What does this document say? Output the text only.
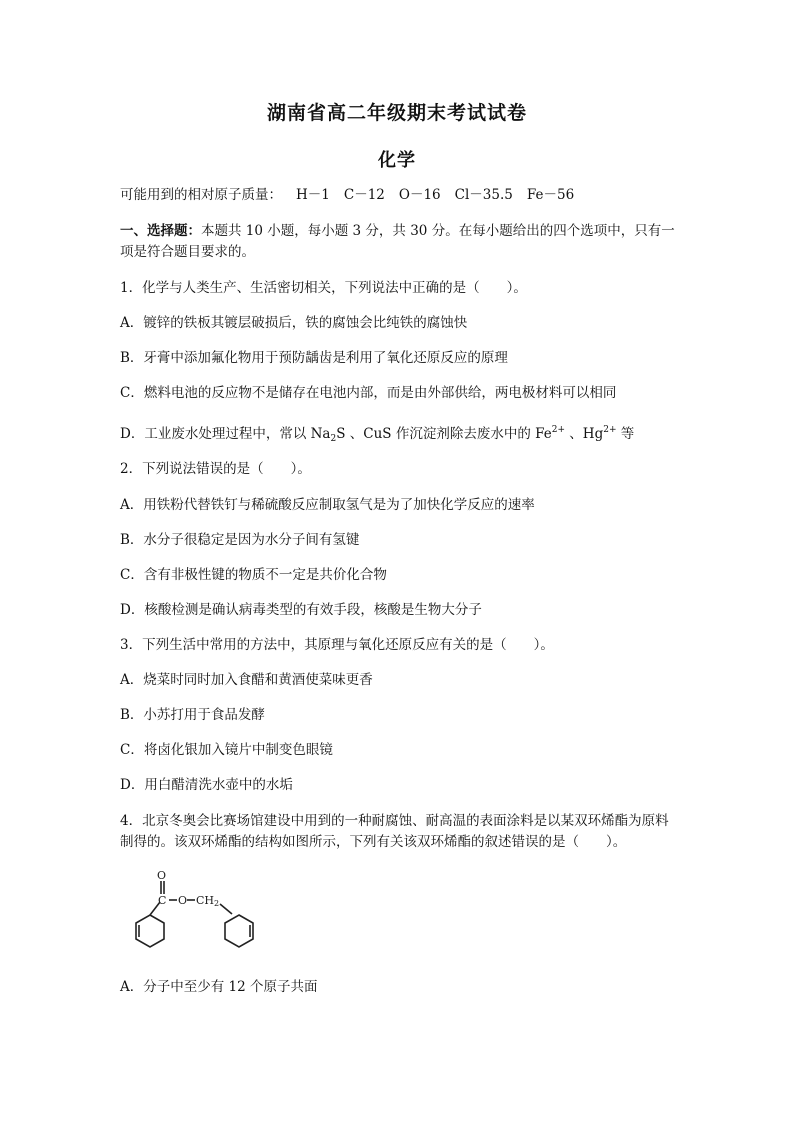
湖南省高二年级期末考试试卷
化学
可能用到的相对原子质量： H－1 C－12 O－16 Cl－35.5 Fe－56
一、选择题：本题共 10 小题，每小题 3 分，共 30 分。在每小题给出的四个选项中，只有一项是符合题目要求的。
1．化学与人类生产、生活密切相关，下列说法中正确的是（　　）。
A．镀锌的铁板其镀层破损后，铁的腐蚀会比纯铁的腐蚀快
B．牙膏中添加氟化物用于预防龋齿是利用了氧化还原反应的原理
C．燃料电池的反应物不是储存在电池内部，而是由外部供给，两电极材料可以相同
D．工业废水处理过程中，常以 $Na_2S$ 、CuS 作沉淀剂除去废水中的 $Fe^{2+}$ 、$Hg^{2+}$ 等
2．下列说法错误的是（　　）。
A．用铁粉代替铁钉与稀硫酸反应制取氢气是为了加快化学反应的速率
B．水分子很稳定是因为水分子间有氢键
C．含有非极性键的物质不一定是共价化合物
D．核酸检测是确认病毒类型的有效手段，核酸是生物大分子
3．下列生活中常用的方法中，其原理与氧化还原反应有关的是（　　）。
A．烧菜时同时加入食醋和黄酒使菜味更香
B．小苏打用于食品发酵
C．将卤化银加入镜片中制变色眼镜
D．用白醋清洗水壶中的水垢
4．北京冬奥会比赛场馆建设中用到的一种耐腐蚀、耐高温的表面涂料是以某双环烯酯为原料制得的。该双环烯酯的结构如图所示，下列有关该双环烯酯的叙述错误的是（　　）。
O
C O CH2
A．分子中至少有 12 个原子共面
